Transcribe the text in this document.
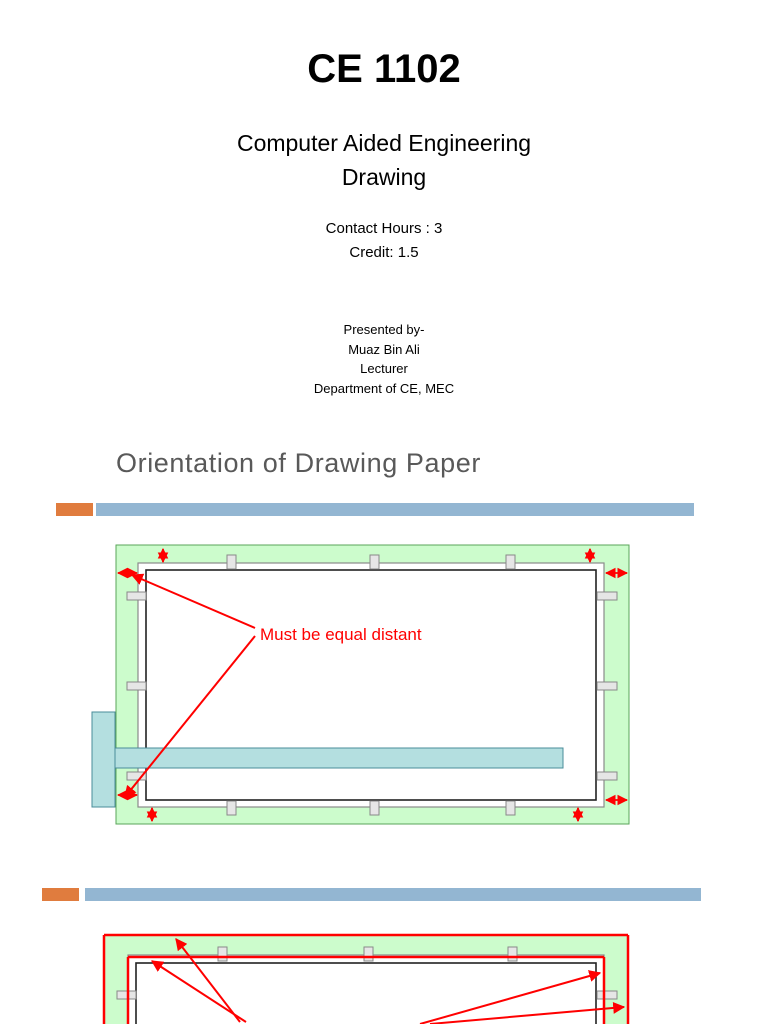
CE 1102
Computer Aided Engineering
Drawing
Contact Hours : 3
Credit: 1.5
Presented by-
Muaz Bin Ali
Lecturer
Department of CE, MEC
Orientation of Drawing Paper
Must be equal distant
